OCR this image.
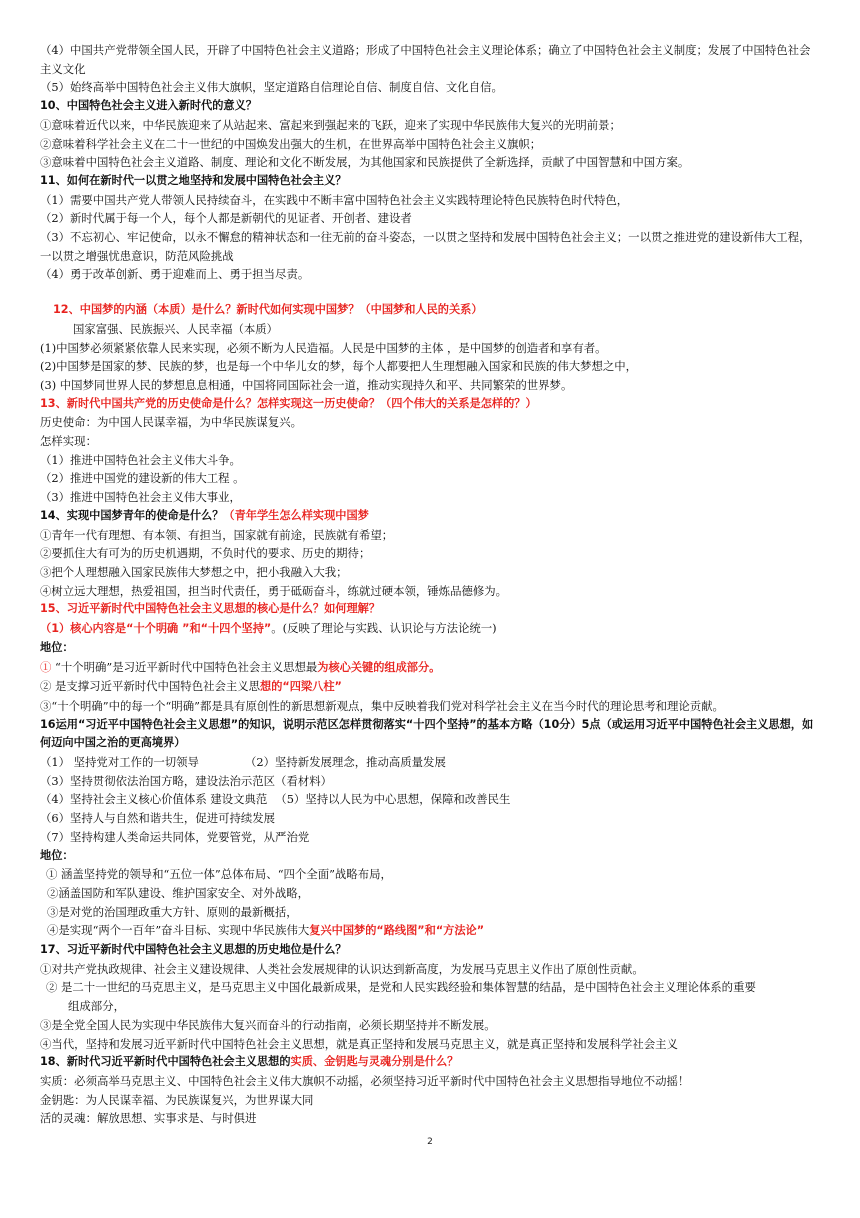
（4）中国共产党带领全国人民，开辟了中国特色社会主义道路；形成了中国特色社会主义理论体系；确立了中国特色社会主义制度；发展了中国特色社会主义文化
（5）始终高举中国特色社会主义伟大旗帜，坚定道路自信理论自信、制度自信、文化自信。
10、中国特色社会主义进入新时代的意义？
①意味着近代以来，中华民族迎来了从站起来、富起来到强起来的飞跃，迎来了实现中华民族伟大复兴的光明前景；
②意味着科学社会主义在二十一世纪的中国焕发出强大的生机，在世界高举中国特色社会主义旗帜；
③意味着中国特色社会主义道路、制度、理论和文化不断发展，为其他国家和民族提供了全新选择，贡献了中国智慧和中国方案。
11、如何在新时代一以贯之地坚持和发展中国特色社会主义？
（1）需要中国共产党人带领人民持续奋斗，在实践中不断丰富中国特色社会主义实践特理论特色民族特色时代特色，
（2）新时代属于每一个人，每个人都是新朝代的见证者、开创者、建设者
（3）不忘初心、牢记使命，以永不懈怠的精神状态和一往无前的奋斗姿态，一以贯之坚持和发展中国特色社会主义；一以贯之推进党的建设新伟大工程，一以贯之增强忧患意识，防范风险挑战
（4）勇于改革创新、勇于迎难而上、勇于担当尽责。
12、中国梦的内涵（本质）是什么？新时代如何实现中国梦？（中国梦和人民的关系）
国家富强、民族振兴、人民幸福（本质）
(1)中国梦必须紧紧依靠人民来实现，必须不断为人民造福。人民是中国梦的主体 ，是中国梦的创造者和享有者。
(2)中国梦是国家的梦、民族的梦，也是每一个中华儿女的梦，每个人都要把人生理想融入国家和民族的伟大梦想之中，
(3) 中国梦同世界人民的梦想息息相通，中国将同国际社会一道，推动实现持久和平、共同繁荣的世界梦。
13、新时代中国共产党的历史使命是什么？怎样实现这一历史使命？（四个伟大的关系是怎样的？）
历史使命：为中国人民谋幸福，为中华民族谋复兴。
怎样实现：
（1）推进中国特色社会主义伟大斗争。
（2）推进中国党的建设新的伟大工程 。
（3）推进中国特色社会主义伟大事业，
14、实现中国梦青年的使命是什么？（青年学生怎么样实现中国梦
①青年一代有理想、有本领、有担当，国家就有前途，民族就有希望；
②要抓住大有可为的历史机遇期，不负时代的要求、历史的期待；
③把个人理想融入国家民族伟大梦想之中，把小我融入大我；
④树立远大理想，热爱祖国，担当时代责任，勇于砥砺奋斗，练就过硬本领，锤炼品德修为。
15、习近平新时代中国特色社会主义思想的核心是什么？如何理解？
（1）核心内容是“十个明确 ”和“十四个坚持”。(反映了理论与实践、认识论与方法论统一)
地位：
① “十个明确”是习近平新时代中国特色社会主义思想最为核心关键的组成部分。
② 是支撑习近平新时代中国特色社会主义思想的“四梁八柱”
③“十个明确”中的每一个“明确”都是具有原创性的新思想新观点，集中反映着我们党对科学社会主义在当今时代的理论思考和理论贡献。
16运用“习近平中国特色社会主义思想”的知识，说明示范区怎样贯彻落实“十四个坚持”的基本方略（10分）5点（或运用习近平中国特色社会主义思想，如何迈向中国之治的更高境界）
（1） 坚持党对工作的一切领导	（2）坚持新发展理念，推动高质量发展
（3）坚持贯彻依法治国方略，建设法治示范区（看材料）
（4）坚持社会主义核心价值体系 建设文典范 （5）坚持以人民为中心思想，保障和改善民生
（6）坚持人与自然和谐共生，促进可持续发展
（7）坚持构建人类命运共同体，党要管党，从严治党
地位：
① 涵盖坚持党的领导和“五位一体”总体布局、“四个全面”战略布局，
②涵盖国防和军队建设、维护国家安全、对外战略，
③是对党的治国理政重大方针、原则的最新概括，
④是实现“两个一百年”奋斗目标、实现中华民族伟大复兴中国梦的“路线图”和“方法论”
17、习近平新时代中国特色社会主义思想的历史地位是什么？
①对共产党执政规律、社会主义建设规律、人类社会发展规律的认识达到新高度，为发展马克思主义作出了原创性贡献。
② 是二十一世纪的马克思主义，是马克思主义中国化最新成果，是党和人民实践经验和集体智慧的结晶，是中国特色社会主义理论体系的重要
组成部分，
③是全党全国人民为实现中华民族伟大复兴而奋斗的行动指南，必须长期坚持并不断发展。
④当代，坚持和发展习近平新时代中国特色社会主义思想，就是真正坚持和发展马克思主义，就是真正坚持和发展科学社会主义
18、新时代习近平新时代中国特色社会主义思想的实质、金钥匙与灵魂分别是什么？
实质：必须高举马克思主义、中国特色社会主义伟大旗帜不动摇，必须坚持习近平新时代中国特色社会主义思想指导地位不动摇！
金钥匙：为人民谋幸福、为民族谋复兴，为世界谋大同
活的灵魂：解放思想、实事求是、与时俱进
2
